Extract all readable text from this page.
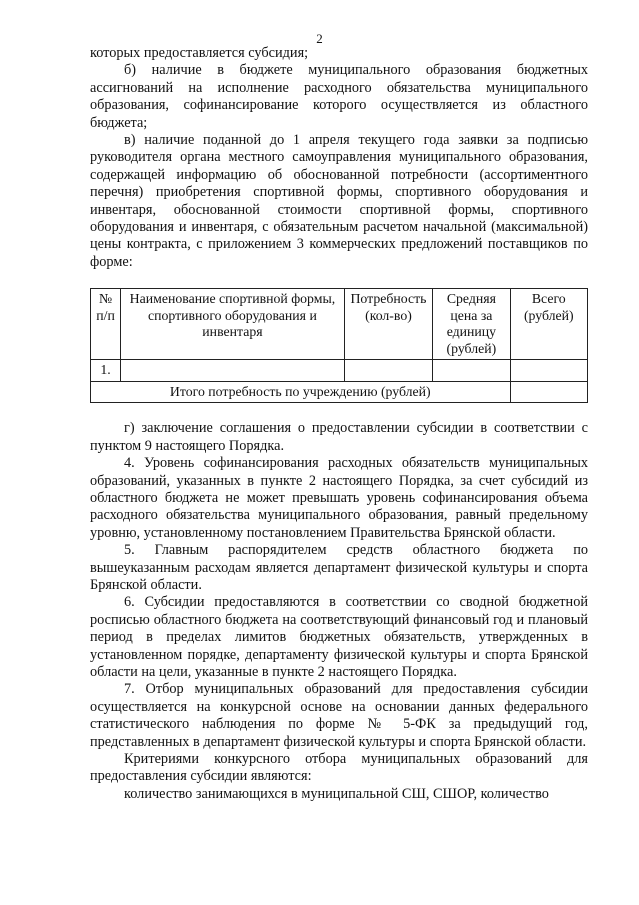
2

которых предоставляется субсидия;

б) наличие в бюджете муниципального образования бюджетных ассигнований на исполнение расходного обязательства муниципального образования, софинансирование которого осуществляется из областного бюджета;

в) наличие поданной до 1 апреля текущего года заявки за подписью руководителя органа местного самоуправления муниципального образования, содержащей информацию об обоснованной потребности (ассортиментного перечня) приобретения спортивной формы, спортивного оборудования и инвентаря, обоснованной стоимости спортивной формы, спортивного оборудования и инвентаря, с обязательным расчетом начальной (максимальной) цены контракта, с приложением 3 коммерческих предложений поставщиков по форме:

№ п/п	Наименование спортивной формы, спортивного оборудования и инвентаря	Потребность (кол-во)	Средняя цена за единицу (рублей)	Всего (рублей)
1.				
Итого потребность по учреждению (рублей)				

г) заключение соглашения о предоставлении субсидии в соответствии с пунктом 9 настоящего Порядка.

4. Уровень софинансирования расходных обязательств муниципальных образований, указанных в пункте 2 настоящего Порядка, за счет субсидий из областного бюджета не может превышать уровень софинансирования объема расходного обязательства муниципального образования, равный предельному уровню, установленному постановлением Правительства Брянской области.

5. Главным распорядителем средств областного бюджета по вышеуказанным расходам является департамент физической культуры и спорта Брянской области.

6. Субсидии предоставляются в соответствии со сводной бюджетной росписью областного бюджета на соответствующий финансовый год и плановый период в пределах лимитов бюджетных обязательств, утвержденных в установленном порядке, департаменту физической культуры и спорта Брянской области на цели, указанные в пункте 2 настоящего Порядка.

7. Отбор муниципальных образований для предоставления субсидии осуществляется на конкурсной основе на основании данных федерального статистического наблюдения по форме № 5-ФК за предыдущий год, представленных в департамент физической культуры и спорта Брянской области.

Критериями конкурсного отбора муниципальных образований для предоставления субсидии являются:

количество занимающихся в муниципальной СШ, СШОР, количество
